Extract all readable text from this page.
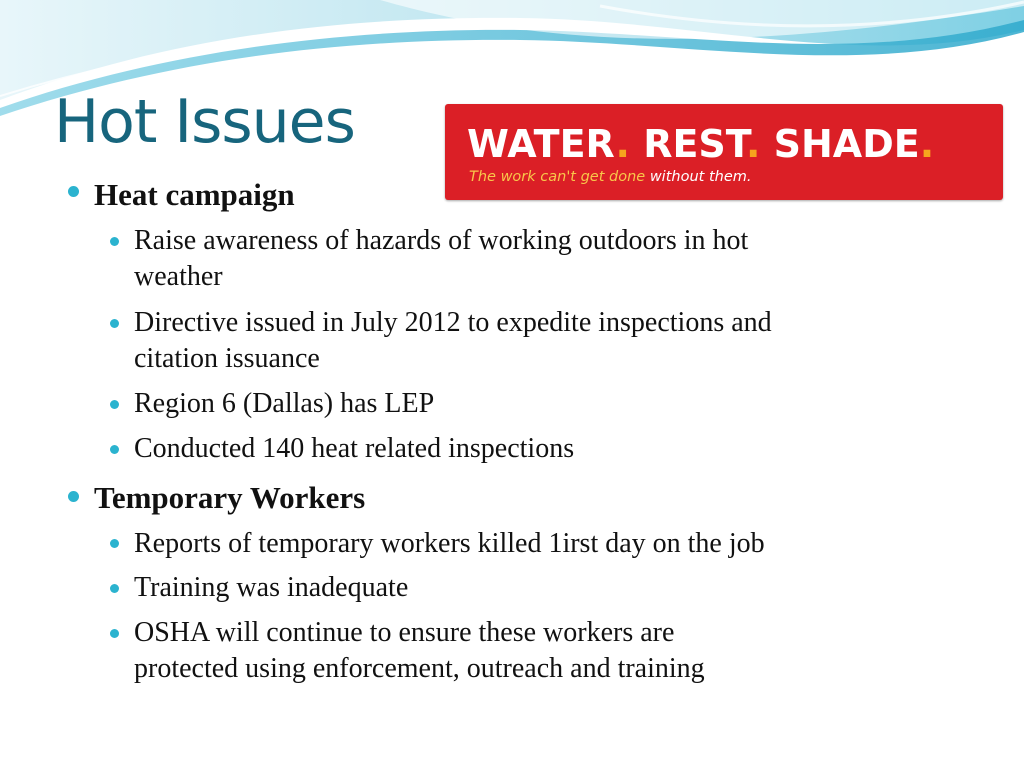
Hot Issues	WATER. REST. SHADE.

The work can't get done without them.

Heat campaign

Raise awareness of hazards of working outdoors in hot

weather

Directive issued in July 2012 to expedite inspections and

citation issuance

Region 6 (Dallas) has LEP

Conducted 140 heat related inspections

Temporary Workers

Reports of temporary workers killed 1irst day on the job

Training was inadequate

OSHA will continue to ensure these workers are

protected using enforcement, outreach and training
